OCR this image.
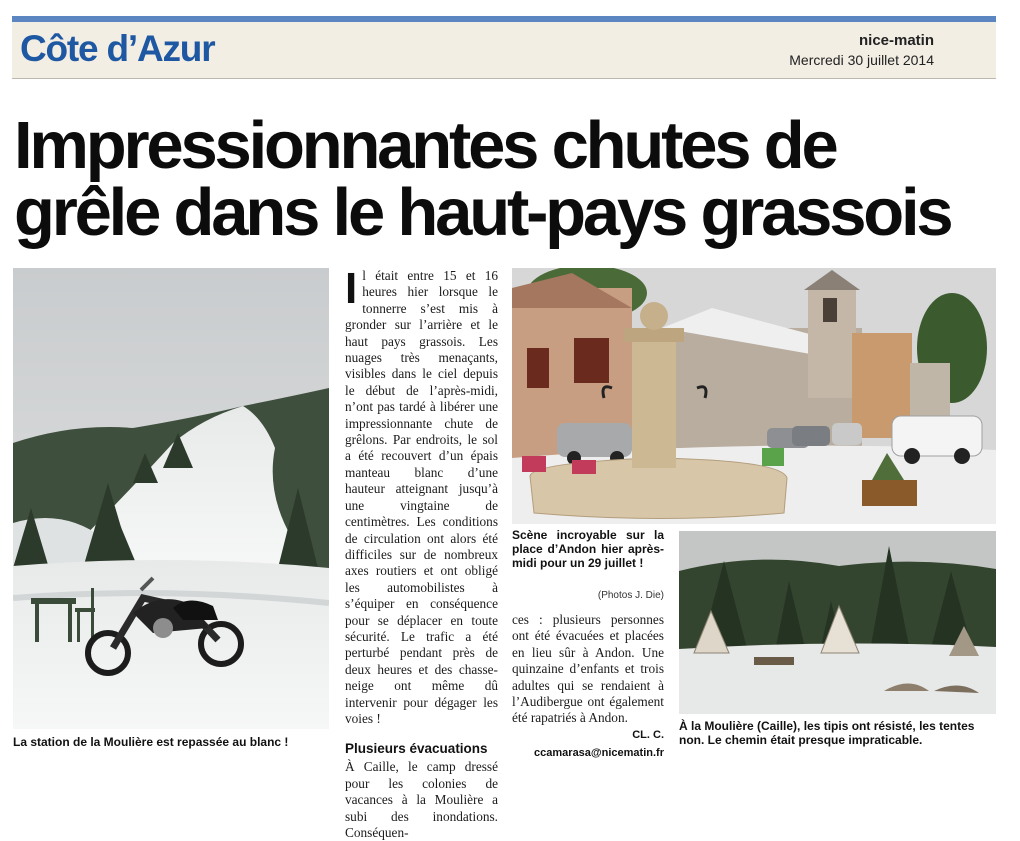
Côte d’Azur	nice-matin
Mercredi 30 juillet 2014
Impressionnantes chutes de
grêle dans le haut-pays grassois

La station de la Moulière est repassée au blanc !

Il était entre 15 et 16 heures hier lorsque le tonnerre s’est mis à gronder sur l’arrière et le haut pays grassois. Les nuages très menaçants, visibles dans le ciel depuis le début de l’après-midi, n’ont pas tardé à libérer une impressionnante chute de grêlons. Par endroits, le sol a été recouvert d’un épais manteau blanc d’une hauteur atteignant jusqu’à une vingtaine de centimètres. Les conditions de circulation ont alors été difficiles sur de nombreux axes routiers et ont obligé les automobilistes à s’équiper en conséquence pour se déplacer en toute sécurité. Le trafic a été perturbé pendant près de deux heures et des chasse-neige ont même dû intervenir pour dégager les voies !

Plusieurs évacuations

À Caille, le camp dressé pour les colonies de vacances à la Moulière a subi des inondations. Conséquen-

Scène incroyable sur la place d’Andon hier après-midi pour un 29 juillet !

(Photos J. Die)

ces : plusieurs personnes ont été évacuées et placées en lieu sûr à Andon. Une quinzaine d’enfants et trois adultes qui se rendaient à l’Audibergue ont également été rapatriés à Andon.

CL. C.
ccamarasa@nicematin.fr

À la Moulière (Caille), les tipis ont résisté, les tentes non. Le chemin était presque impraticable.
